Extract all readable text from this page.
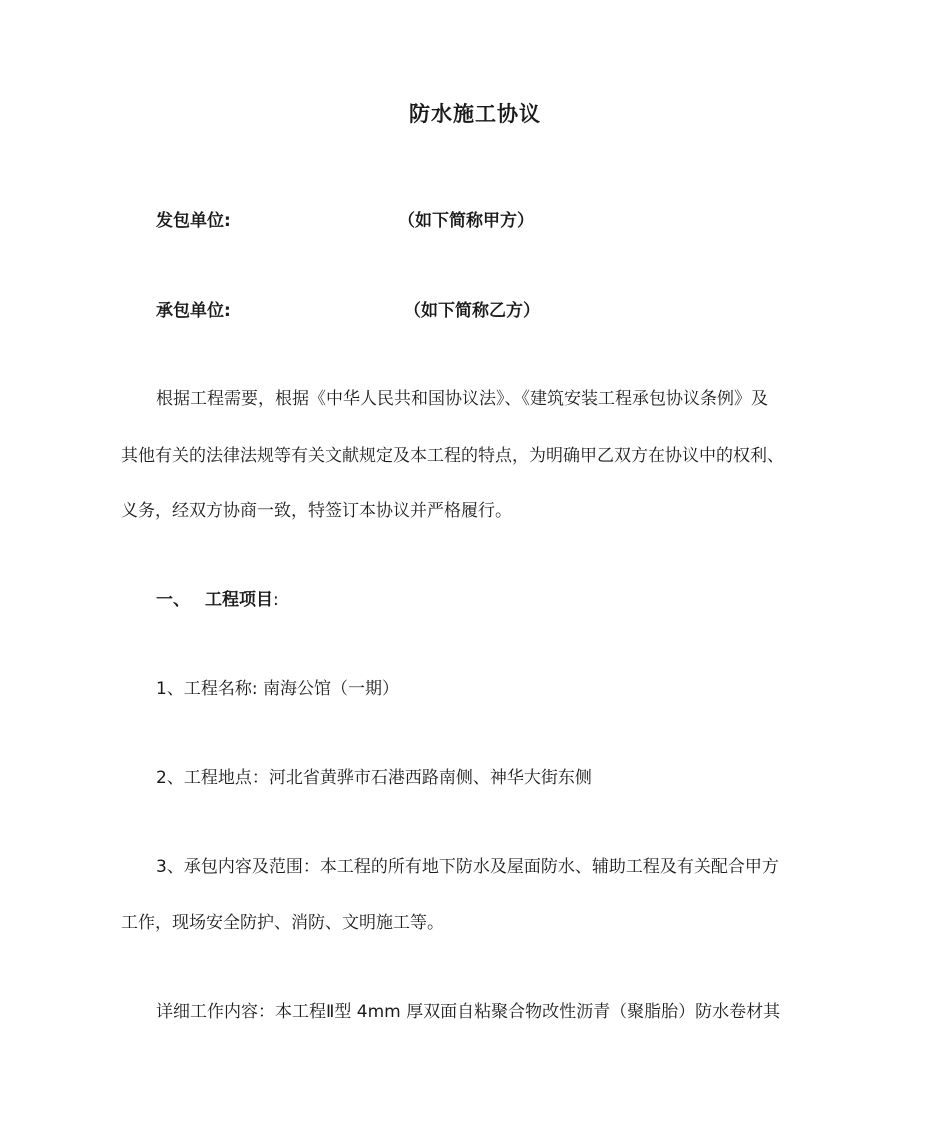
防水施工协议
发包单位:	（如下简称甲方）
承包单位:	（如下简称乙方）
根据工程需要，根据《中华人民共和国协议法》、《建筑安装工程承包协议条例》及
其他有关的法律法规等有关文献规定及本工程的特点，为明确甲乙双方在协议中的权利、
义务，经双方协商一致，特签订本协议并严格履行。
一、 工程项目:
1、工程名称: 南海公馆（一期）
2、工程地点：河北省黄骅市石港西路南侧、神华大街东侧
3、承包内容及范围：本工程的所有地下防水及屋面防水、辅助工程及有关配合甲方
工作，现场安全防护、消防、文明施工等。
详细工作内容：本工程Ⅱ型 4mm 厚双面自粘聚合物改性沥青（聚脂胎）防水卷材其
